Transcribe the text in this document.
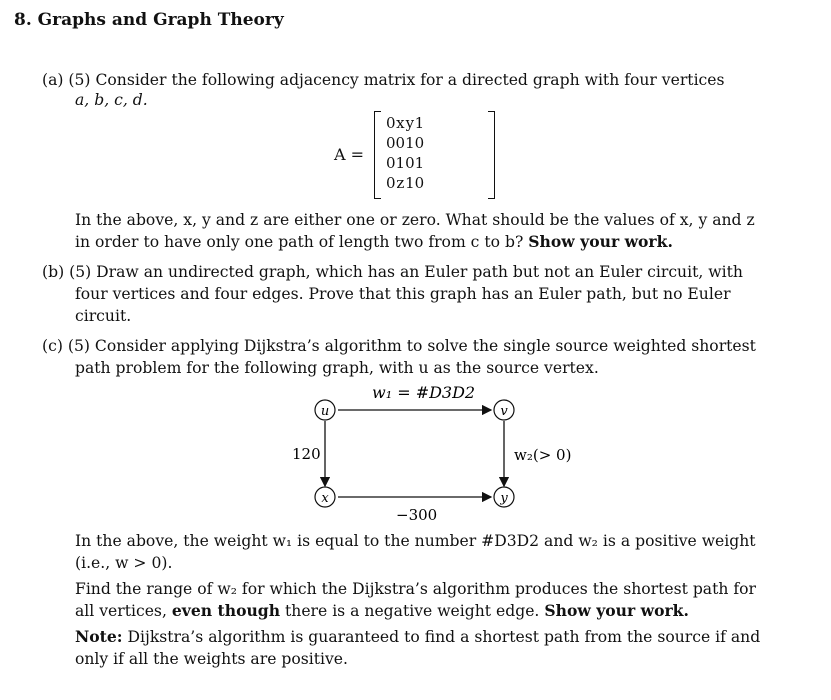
8. Graphs and Graph Theory
(a) (5) Consider the following adjacency matrix for a directed graph with four vertices
a, b, c, d.
A =
0	x	y	1
0	0	1	0
0	1	0	1
0	z	1	0
In the above, x, y and z are either one or zero. What should be the values of x, y and z
in order to have only one path of length two from c to b? Show your work.
(b) (5) Draw an undirected graph, which has an Euler path but not an Euler circuit, with
four vertices and four edges. Prove that this graph has an Euler path, but no Euler
circuit.
(c) (5) Consider applying Dijkstra’s algorithm to solve the single source weighted shortest
path problem for the following graph, with u as the source vertex.
w₁ = #D3D2
u	v
x	y
120	w₂(> 0)
−300
In the above, the weight w₁ is equal to the number #D3D2 and w₂ is a positive weight
(i.e., w > 0).
Find the range of w₂ for which the Dijkstra’s algorithm produces the shortest path for
all vertices, even though there is a negative weight edge. Show your work.
Note: Dijkstra’s algorithm is guaranteed to find a shortest path from the source if and
only if all the weights are positive.
